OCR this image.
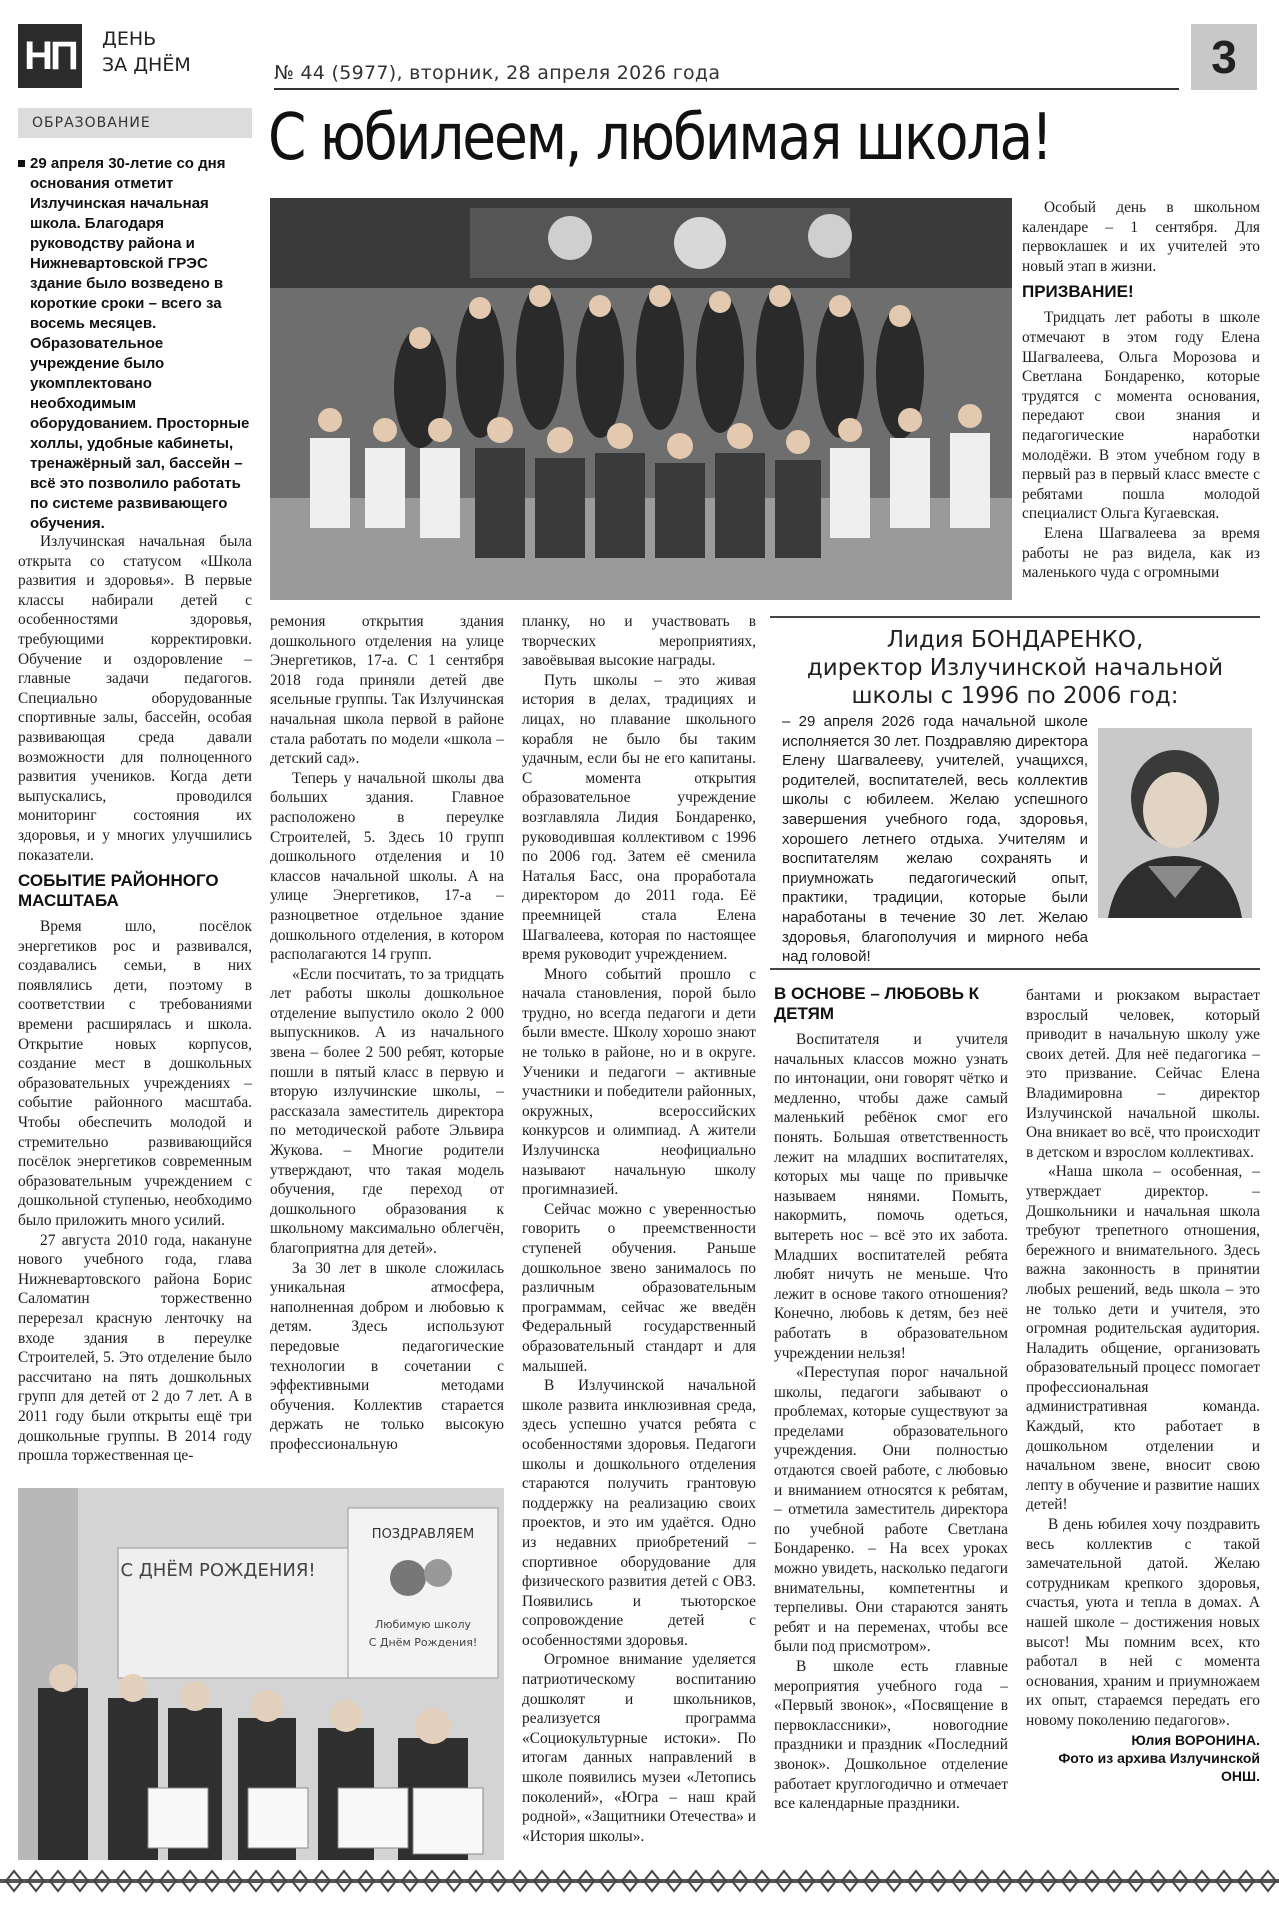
НП	ДЕНЬ
ЗА ДНЁМ	№ 44 (5977), вторник, 28 апреля 2026 года	3
ОБРАЗОВАНИЕ	С юбилеем, любимая школа!
29 апреля 30-летие со дня основания отметит Излучинская начальная школа. Благодаря руководству района и Нижневартовской ГРЭС здание было возведено в короткие сроки – всего за восемь месяцев. Образовательное учреждение было укомплектовано необходимым оборудованием. Просторные холлы, удобные кабинеты, тренажёрный зал, бассейн – всё это позволило работать по системе развивающего обучения.

Излучинская начальная была открыта со статусом «Школа развития и здоровья». В первые классы набирали детей с особенностями здоровья, требующими корректировки. Обучение и оздоровление – главные задачи педагогов. Специально оборудованные спортивные залы, бассейн, особая развивающая среда давали возможности для полноценного развития учеников. Когда дети выпускались, проводился мониторинг состояния их здоровья, и у многих улучшились показатели.

СОБЫТИЕ РАЙОННОГО МАСШТАБА

Время шло, посёлок энергетиков рос и развивался, создавались семьи, в них появлялись дети, поэтому в соответствии с требованиями времени расширялась и школа. Открытие новых корпусов, создание мест в дошкольных образовательных учреждениях – событие районного масштаба. Чтобы обеспечить молодой и стремительно развивающийся посёлок энергетиков современным образовательным учреждением с дошкольной ступенью, необходимо было приложить много усилий.

27 августа 2010 года, накануне нового учебного года, глава Нижневартовского района Борис Саломатин торжественно перерезал красную ленточку на входе здания в переулке Строителей, 5. Это отделение было рассчитано на пять дошкольных групп для детей от 2 до 7 лет. А в 2011 году были открыты ещё три дошкольные группы. В 2014 году прошла торжественная це-

Особый день в школьном календаре – 1 сентября. Для первоклашек и их учителей это новый этап в жизни.

ПРИЗВАНИЕ!

Тридцать лет работы в школе отмечают в этом году Елена Шагвалеева, Ольга Морозова и Светлана Бондаренко, которые трудятся с момента основания, передают свои знания и педагогические наработки молодёжи. В этом учебном году в первый раз в первый класс вместе с ребятами пошла молодой специалист Ольга Кугаевская.

Елена Шагвалеева за время работы не раз видела, как из маленького чуда с огромными

ремония открытия здания дошкольного отделения на улице Энергетиков, 17-а. С 1 сентября 2018 года приняли детей две ясельные группы. Так Излучинская начальная школа первой в районе стала работать по модели «школа – детский сад».

Теперь у начальной школы два больших здания. Главное расположено в переулке Строителей, 5. Здесь 10 групп дошкольного отделения и 10 классов начальной школы. А на улице Энергетиков, 17-а – разноцветное отдельное здание дошкольного отделения, в котором располагаются 14 групп.

«Если посчитать, то за тридцать лет работы школы дошкольное отделение выпустило около 2 000 выпускников. А из начального звена – более 2 500 ребят, которые пошли в пятый класс в первую и вторую излучинские школы, – рассказала заместитель директора по методической работе Эльвира Жукова. – Многие родители утверждают, что такая модель обучения, где переход от дошкольного образования к школьному максимально облегчён, благоприятна для детей».

За 30 лет в школе сложилась уникальная атмосфера, наполненная добром и любовью к детям. Здесь используют передовые педагогические технологии в сочетании с эффективными методами обучения. Коллектив старается держать не только высокую профессиональную

планку, но и участвовать в творческих мероприятиях, завоёвывая высокие награды.

Путь школы – это живая история в делах, традициях и лицах, но плавание школьного корабля не было бы таким удачным, если бы не его капитаны. С момента открытия образовательное учреждение возглавляла Лидия Бондаренко, руководившая коллективом с 1996 по 2006 год. Затем её сменила Наталья Басс, она проработала директором до 2011 года. Её преемницей стала Елена Шагвалеева, которая по настоящее время руководит учреждением.

Много событий прошло с начала становления, порой было трудно, но всегда педагоги и дети были вместе. Школу хорошо знают не только в районе, но и в округе. Ученики и педагоги – активные участники и победители районных, окружных, всероссийских конкурсов и олимпиад. А жители Излучинска неофициально называют начальную школу прогимназией.

Сейчас можно с уверенностью говорить о преемственности ступеней обучения. Раньше дошкольное звено занималось по различным образовательным программам, сейчас же введён Федеральный государственный образовательный стандарт и для малышей.

В Излучинской начальной школе развита инклюзивная среда, здесь успешно учатся ребята с особенностями здоровья. Педагоги школы и дошкольного отделения стараются получить грантовую поддержку на реализацию своих проектов, и это им удаётся. Одно из недавних приобретений – спортивное оборудование для физического развития детей с ОВЗ. Появились и тьюторское сопровождение детей с особенностями здоровья.

Огромное внимание уделяется патриотическому воспитанию дошколят и школьников, реализуется программа «Социокультурные истоки». По итогам данных направлений в школе появились музеи «Летопись поколений», «Югра – наш край родной», «Защитники Отечества» и «История школы».

Лидия БОНДАРЕНКО,
директор Излучинской начальной
школы с 1996 по 2006 год:
– 29 апреля 2026 года начальной школе исполняется 30 лет. Поздравляю директора Елену Шагвалееву, учителей, учащихся, родителей, воспитателей, весь коллектив школы с юбилеем. Желаю успешного завершения учебного года, здоровья, хорошего летнего отдыха. Учителям и воспитателям желаю сохранять и приумножать педагогический опыт, практики, традиции, которые были наработаны в течение 30 лет. Желаю здоровья, благополучия и мирного неба над головой!

В ОСНОВЕ – ЛЮБОВЬ К ДЕТЯМ

Воспитателя и учителя начальных классов можно узнать по интонации, они говорят чётко и медленно, чтобы даже самый маленький ребёнок смог его понять. Большая ответственность лежит на младших воспитателях, которых мы чаще по привычке называем нянями. Помыть, накормить, помочь одеться, вытереть нос – всё это их забота. Младших воспитателей ребята любят ничуть не меньше. Что лежит в основе такого отношения? Конечно, любовь к детям, без неё работать в образовательном учреждении нельзя!

«Переступая порог начальной школы, педагоги забывают о проблемах, которые существуют за пределами образовательного учреждения. Они полностью отдаются своей работе, с любовью и вниманием относятся к ребятам, – отметила заместитель директора по учебной работе Светлана Бондаренко. – На всех уроках можно увидеть, насколько педагоги внимательны, компетентны и терпеливы. Они стараются занять ребят и на переменах, чтобы все были под присмотром».

В школе есть главные мероприятия учебного года – «Первый звонок», «Посвящение в первоклассники», новогодние праздники и праздник «Последний звонок». Дошкольное отделение работает круглогодично и отмечает все календарные праздники.

бантами и рюкзаком вырастает взрослый человек, который приводит в начальную школу уже своих детей. Для неё педагогика – это призвание. Сейчас Елена Владимировна – директор Излучинской начальной школы. Она вникает во всё, что происходит в детском и взрослом коллективах.

«Наша школа – особенная, – утверждает директор. – Дошкольники и начальная школа требуют трепетного отношения, бережного и внимательного. Здесь важна законность в принятии любых решений, ведь школа – это не только дети и учителя, это огромная родительская аудитория. Наладить общение, организовать образовательный процесс помогает профессиональная административная команда. Каждый, кто работает в дошкольном отделении и начальном звене, вносит свою лепту в обучение и развитие наших детей!

В день юбилея хочу поздравить весь коллектив с такой замечательной датой. Желаю сотрудникам крепкого здоровья, счастья, уюта и тепла в домах. А нашей школе – достижения новых высот! Мы помним всех, кто работал в ней с момента основания, храним и приумножаем их опыт, стараемся передать его новому поколению педагогов».

Юлия ВОРОНИНА.
Фото из архива Излучинской ОНШ.
С ДНЁМ РОЖДЕНИЯ!
ПОЗДРАВЛЯЕМ
Любимую школу
С Днём Рождения!
